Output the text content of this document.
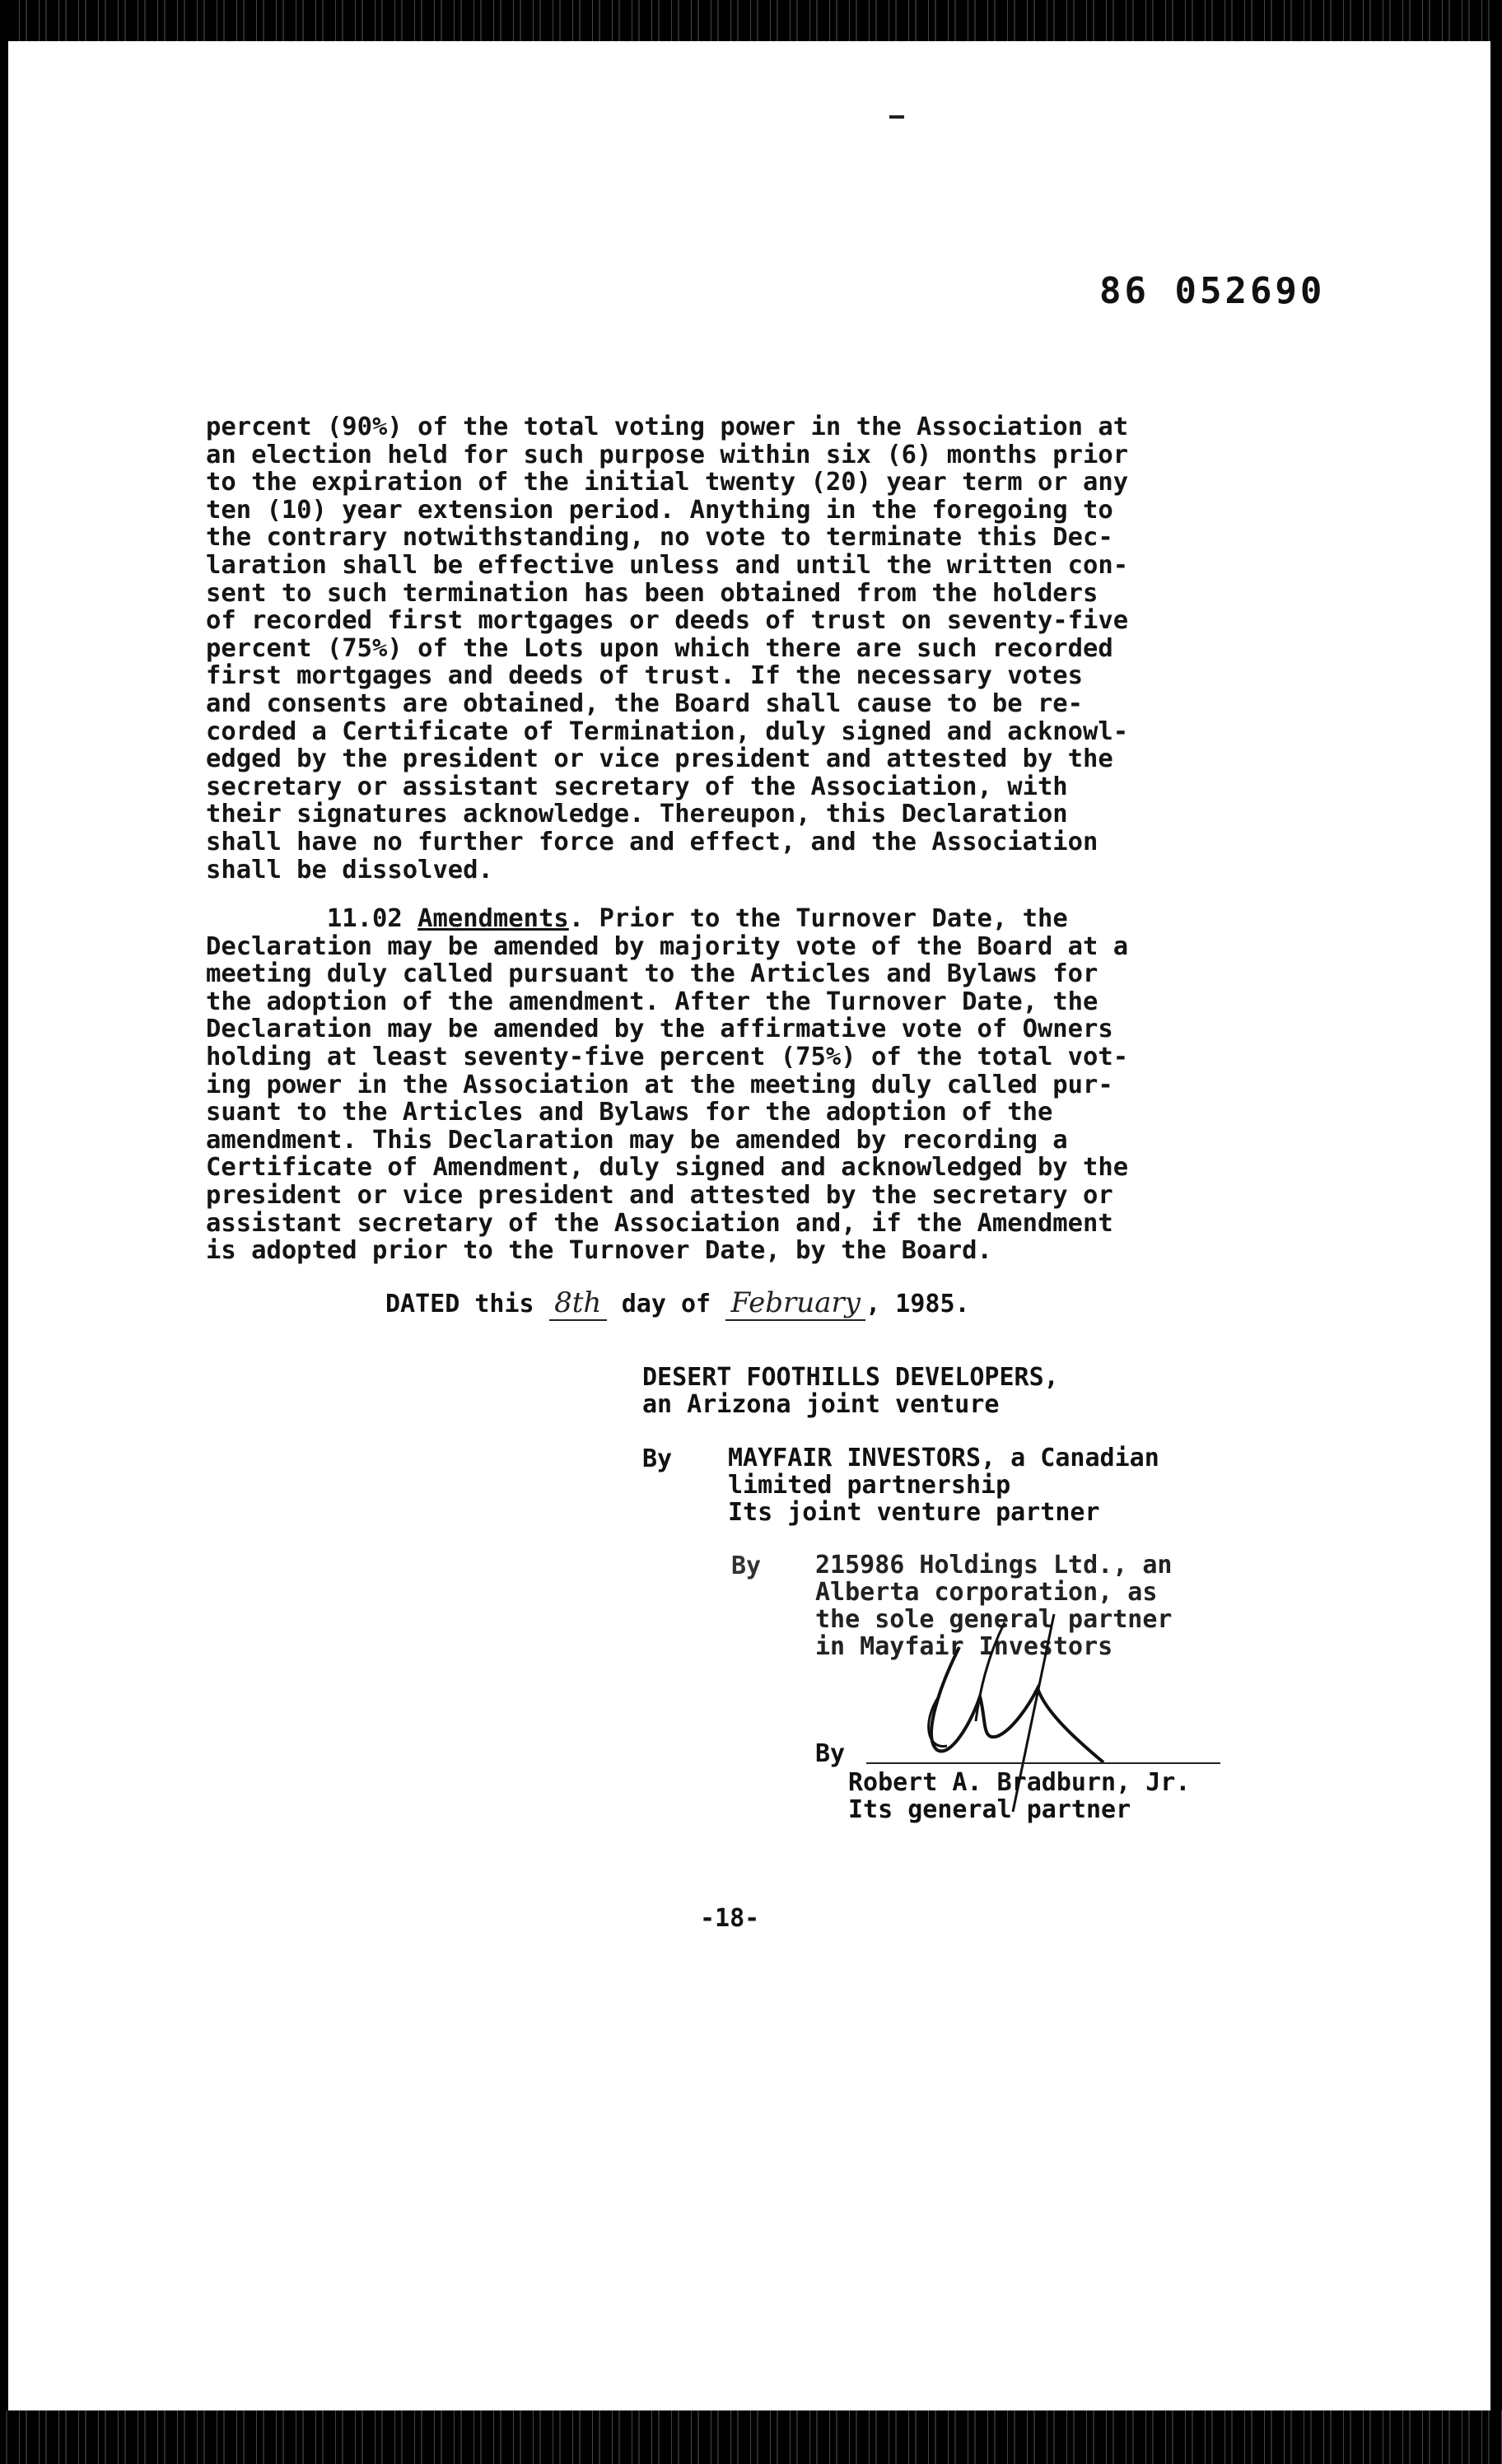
86 052690
percent (90%) of the total voting power in the Association at
an election held for such purpose within six (6) months prior
to the expiration of the initial twenty (20) year term or any
ten (10) year extension period. Anything in the foregoing to
the contrary notwithstanding, no vote to terminate this Dec-
laration shall be effective unless and until the written con-
sent to such termination has been obtained from the holders
of recorded first mortgages or deeds of trust on seventy-five
percent (75%) of the Lots upon which there are such recorded
first mortgages and deeds of trust. If the necessary votes
and consents are obtained, the Board shall cause to be re-
corded a Certificate of Termination, duly signed and acknowl-
edged by the president or vice president and attested by the
secretary or assistant secretary of the Association, with
their signatures acknowledge. Thereupon, this Declaration
shall have no further force and effect, and the Association
shall be dissolved.
11.02 Amendments. Prior to the Turnover Date, the
Declaration may be amended by majority vote of the Board at a
meeting duly called pursuant to the Articles and Bylaws for
the adoption of the amendment. After the Turnover Date, the
Declaration may be amended by the affirmative vote of Owners
holding at least seventy-five percent (75%) of the total vot-
ing power in the Association at the meeting duly called pur-
suant to the Articles and Bylaws for the adoption of the
amendment. This Declaration may be amended by recording a
Certificate of Amendment, duly signed and acknowledged by the
president or vice president and attested by the secretary or
assistant secretary of the Association and, if the Amendment
is adopted prior to the Turnover Date, by the Board.
DATED this 8th day of February , 1985.
DESERT FOOTHILLS DEVELOPERS,
an Arizona joint venture
By MAYFAIR INVESTORS, a Canadian
limited partnership
Its joint venture partner
By 215986 Holdings Ltd., an
Alberta corporation, as
the sole general partner
in Mayfair Investors
By
Robert A. Bradburn, Jr.
Its general partner
-18-
